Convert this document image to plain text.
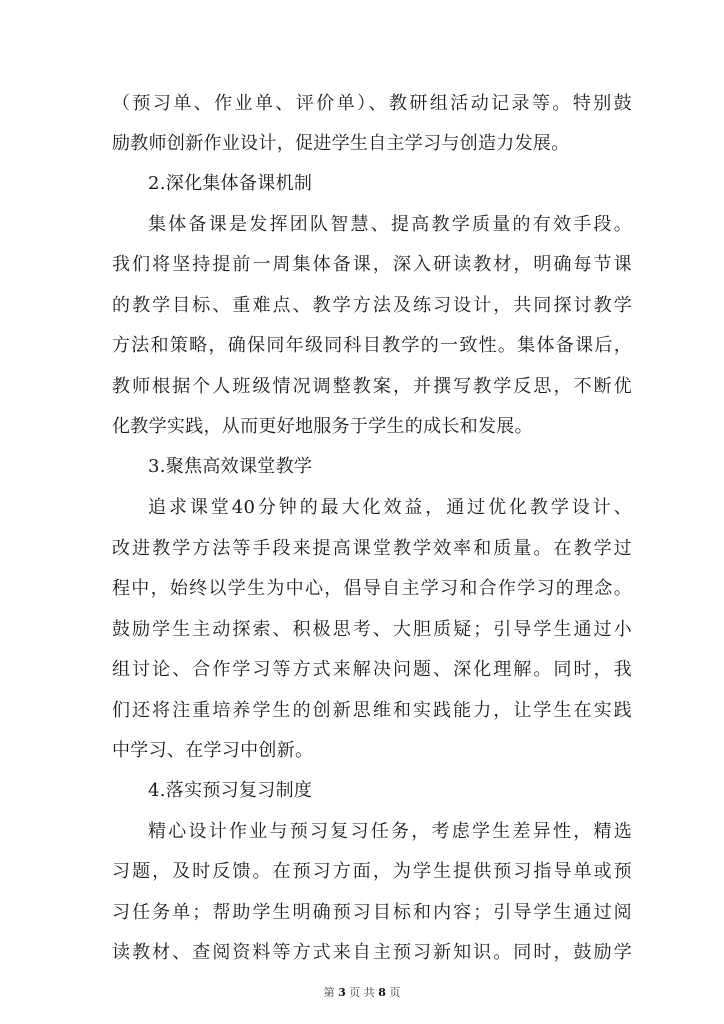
（预习单、作业单、评价单）、教研组活动记录等。特别鼓
励教师创新作业设计，促进学生自主学习与创造力发展。
2.深化集体备课机制
集体备课是发挥团队智慧、提高教学质量的有效手段。
我们将坚持提前一周集体备课，深入研读教材，明确每节课
的教学目标、重难点、教学方法及练习设计，共同探讨教学
方法和策略，确保同年级同科目教学的一致性。集体备课后，
教师根据个人班级情况调整教案，并撰写教学反思，不断优
化教学实践，从而更好地服务于学生的成长和发展。
3.聚焦高效课堂教学
追求课堂40分钟的最大化效益，通过优化教学设计、
改进教学方法等手段来提高课堂教学效率和质量。在教学过
程中，始终以学生为中心，倡导自主学习和合作学习的理念。
鼓励学生主动探索、积极思考、大胆质疑；引导学生通过小
组讨论、合作学习等方式来解决问题、深化理解。同时，我
们还将注重培养学生的创新思维和实践能力，让学生在实践
中学习、在学习中创新。
4.落实预习复习制度
精心设计作业与预习复习任务，考虑学生差异性，精选
习题，及时反馈。在预习方面，为学生提供预习指导单或预
习任务单；帮助学生明确预习目标和内容；引导学生通过阅
读教材、查阅资料等方式来自主预习新知识。同时，鼓励学
第 3 页 共 8 页
